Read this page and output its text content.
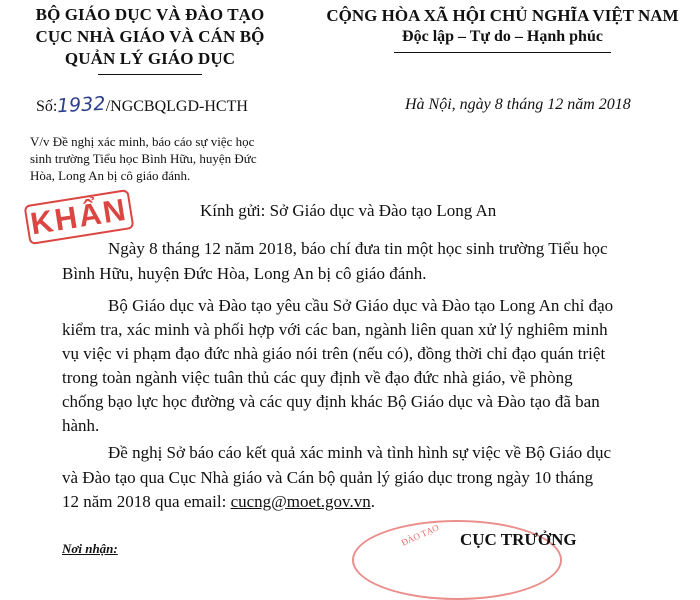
BỘ GIÁO DỤC VÀ ĐÀO TẠO
CỤC NHÀ GIÁO VÀ CÁN BỘ
QUẢN LÝ GIÁO DỤC
CỘNG HÒA XÃ HỘI CHỦ NGHĨA VIỆT NAM
Độc lập – Tự do – Hạnh phúc
Số:1932/NGCBQLGD-HCTH	Hà Nội, ngày 8 tháng 12 năm 2018
V/v Đề nghị xác minh, báo cáo sự việc học
sinh trường Tiểu học Bình Hữu, huyện Đức
Hòa, Long An bị cô giáo đánh.
KHẨN	Kính gửi: Sở Giáo dục và Đào tạo Long An
Ngày 8 tháng 12 năm 2018, báo chí đưa tin một học sinh trường Tiểu học
Bình Hữu, huyện Đức Hòa, Long An bị cô giáo đánh.
Bộ Giáo dục và Đào tạo yêu cầu Sở Giáo dục và Đào tạo Long An chỉ đạo
kiểm tra, xác minh và phối hợp với các ban, ngành liên quan xử lý nghiêm minh
vụ việc vi phạm đạo đức nhà giáo nói trên (nếu có), đồng thời chỉ đạo quán triệt
trong toàn ngành việc tuân thủ các quy định về đạo đức nhà giáo, về phòng
chống bạo lực học đường và các quy định khác Bộ Giáo dục và Đào tạo đã ban
hành.
Đề nghị Sở báo cáo kết quả xác minh và tình hình sự việc về Bộ Giáo dục
và Đào tạo qua Cục Nhà giáo và Cán bộ quản lý giáo dục trong ngày 10 tháng
12 năm 2018 qua email: cucng@moet.gov.vn.
ĐÀO TẠO
Nơi nhận:	CỤC TRƯỞNG
